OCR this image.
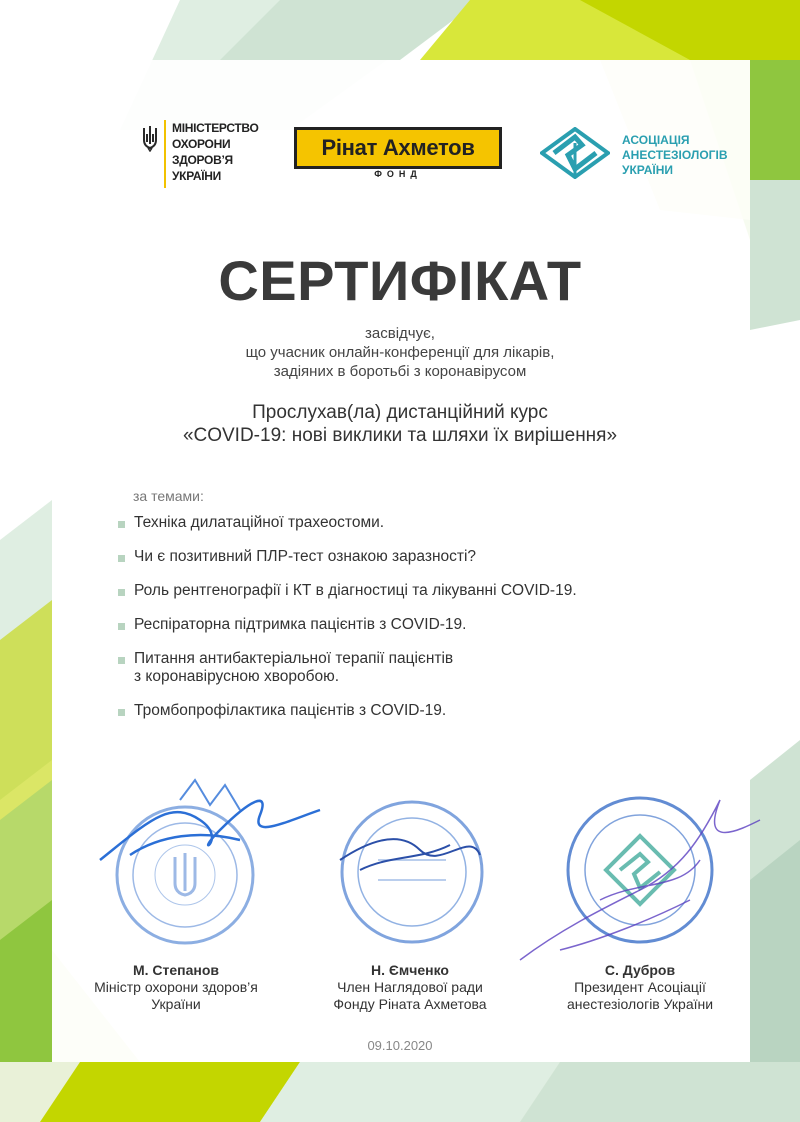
МІНІСТЕРСТВО
ОХОРОНИ
ЗДОРОВ’Я
УКРАЇНИ
Рінат Ахметов
ФОНД
АСОЦІАЦІЯ
АНЕСТЕЗІОЛОГІВ
УКРАЇНИ
СЕРТИФІКАТ
засвідчує,
що учасник онлайн-конференції для лікарів,
задіяних в боротьбі з коронавірусом
Прослухав(ла) дистанційний курс
«COVID-19: нові виклики та шляхи їх вирішення»
за темами:
Техніка дилатаційної трахеостоми.
Чи є позитивний ПЛР-тест ознакою заразності?
Роль рентгенографії і КТ в діагностиці та лікуванні COVID-19.
Респіраторна підтримка пацієнтів з COVID-19.
Питання антибактеріальної терапії пацієнтів
з коронавірусною хворобою.
Тромбопрофілактика пацієнтів з COVID-19.
М. Степанов
Міністр охорони здоров’я
України
Н. Ємченко
Член Наглядової ради
Фонду Ріната Ахметова
С. Дубров
Президент Асоціації
анестезіологів України
09.10.2020
